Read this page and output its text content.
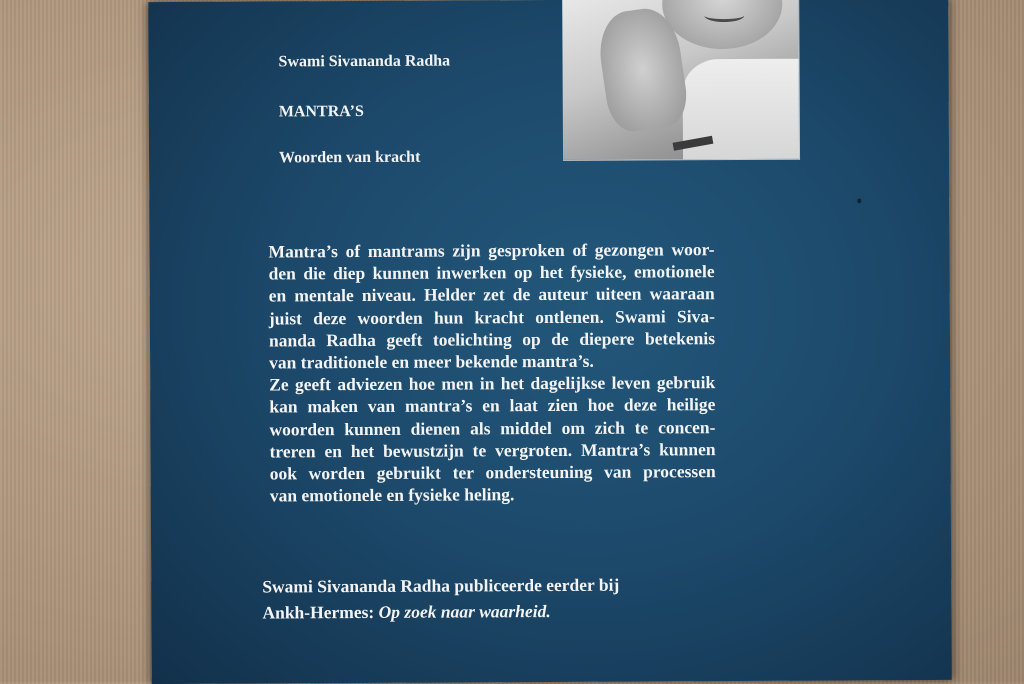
Swami Sivananda Radha
MANTRA’S
Woorden van kracht
Mantra’s of mantrams zijn gesproken of gezongen woor-
den die diep kunnen inwerken op het fysieke, emotionele
en mentale niveau. Helder zet de auteur uiteen waaraan
juist deze woorden hun kracht ontlenen. Swami Siva-
nanda Radha geeft toelichting op de diepere betekenis
van traditionele en meer bekende mantra’s.
Ze geeft adviezen hoe men in het dagelijkse leven gebruik
kan maken van mantra’s en laat zien hoe deze heilige
woorden kunnen dienen als middel om zich te concen-
treren en het bewustzijn te vergroten. Mantra’s kunnen
ook worden gebruikt ter ondersteuning van processen
van emotionele en fysieke heling.
Swami Sivananda Radha publiceerde eerder bij
Ankh-Hermes: Op zoek naar waarheid.
